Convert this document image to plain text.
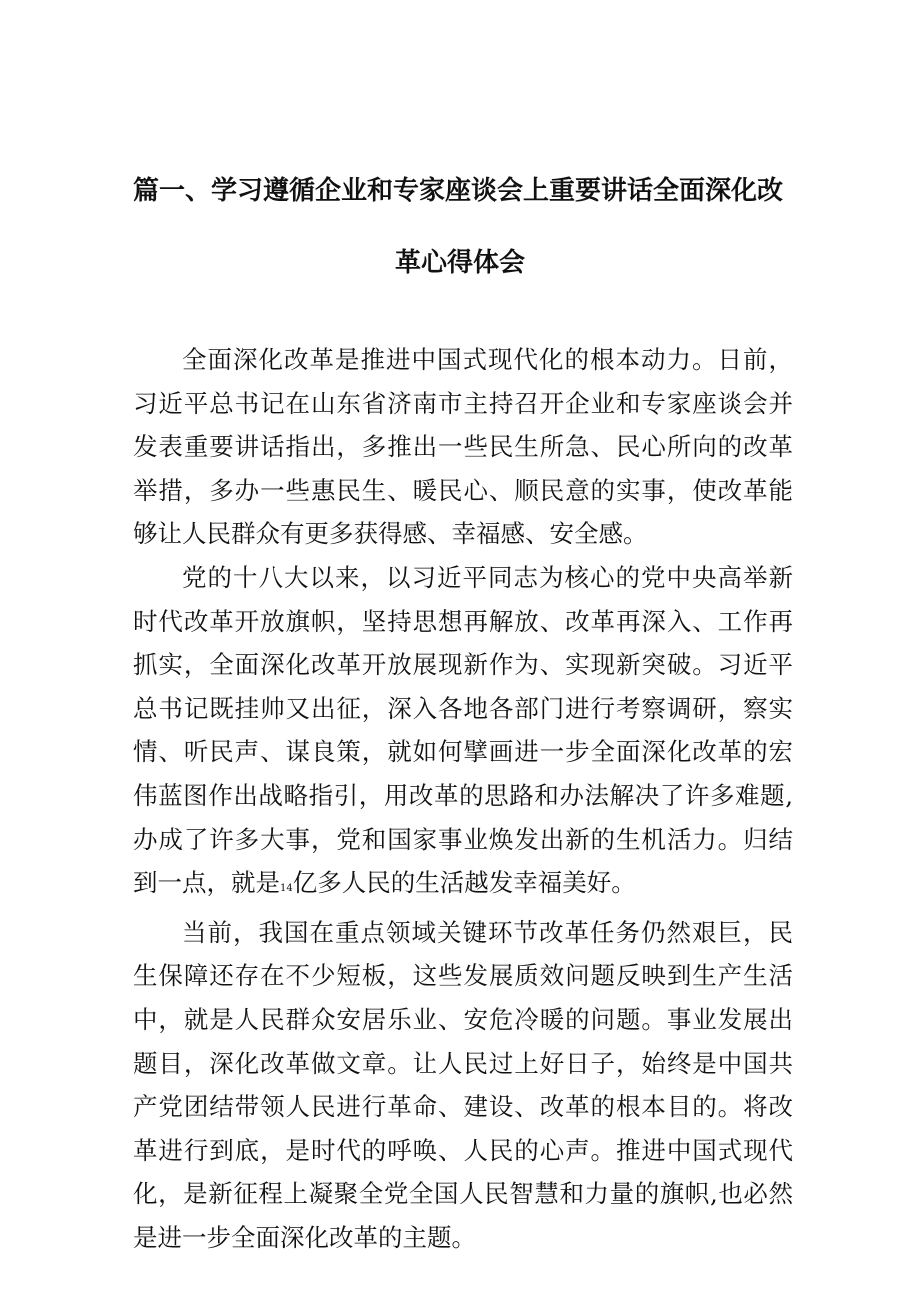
篇一、学习遵循企业和专家座谈会上重要讲话全面深化改
革心得体会

全面深化改革是推进中国式现代化的根本动力。日前，习近平总书记在山东省济南市主持召开企业和专家座谈会并发表重要讲话指出，多推出一些民生所急、民心所向的改革举措，多办一些惠民生、暖民心、顺民意的实事，使改革能够让人民群众有更多获得感、幸福感、安全感。

党的十八大以来，以习近平同志为核心的党中央高举新时代改革开放旗帜，坚持思想再解放、改革再深入、工作再抓实，全面深化改革开放展现新作为、实现新突破。习近平总书记既挂帅又出征，深入各地各部门进行考察调研，察实情、听民声、谋良策，就如何擘画进一步全面深化改革的宏伟蓝图作出战略指引，用改革的思路和办法解决了许多难题,办成了许多大事，党和国家事业焕发出新的生机活力。归结到一点，就是14亿多人民的生活越发幸福美好。

当前，我国在重点领域关键环节改革任务仍然艰巨，民生保障还存在不少短板，这些发展质效问题反映到生产生活中，就是人民群众安居乐业、安危冷暖的问题。事业发展出题目，深化改革做文章。让人民过上好日子，始终是中国共产党团结带领人民进行革命、建设、改革的根本目的。将改革进行到底，是时代的呼唤、人民的心声。推进中国式现代化，是新征程上凝聚全党全国人民智慧和力量的旗帜,也必然是进一步全面深化改革的主题。
